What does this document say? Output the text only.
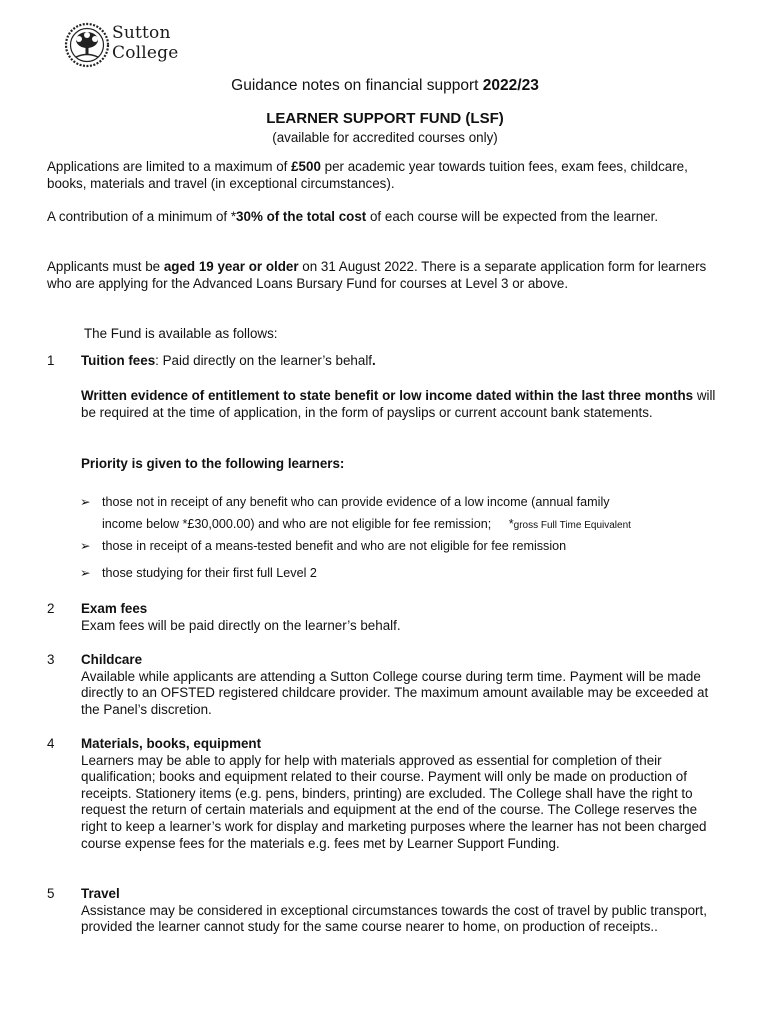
Sutton
College
Guidance notes on financial support 2022/23
LEARNER SUPPORT FUND (LSF)
(available for accredited courses only)
Applications are limited to a maximum of £500 per academic year towards tuition fees, exam fees, childcare, books, materials and travel (in exceptional circumstances).
A contribution of a minimum of *30% of the total cost of each course will be expected from the learner.
Applicants must be aged 19 year or older on 31 August 2022. There is a separate application form for learners who are applying for the Advanced Loans Bursary Fund for courses at Level 3 or above.
The Fund is available as follows:
1 Tuition fees: Paid directly on the learner’s behalf.
Written evidence of entitlement to state benefit or low income dated within the last three months will be required at the time of application, in the form of payslips or current account bank statements.
Priority is given to the following learners:
➢ those not in receipt of any benefit who can provide evidence of a low income (annual family
income below *£30,000.00) and who are not eligible for fee remission; *gross Full Time Equivalent
➢ those in receipt of a means-tested benefit and who are not eligible for fee remission
➢ those studying for their first full Level 2
2 Exam fees
Exam fees will be paid directly on the learner’s behalf.
3 Childcare
Available while applicants are attending a Sutton College course during term time. Payment will be made directly to an OFSTED registered childcare provider. The maximum amount available may be exceeded at the Panel’s discretion.
4 Materials, books, equipment
Learners may be able to apply for help with materials approved as essential for completion of their qualification; books and equipment related to their course. Payment will only be made on production of receipts. Stationery items (e.g. pens, binders, printing) are excluded. The College shall have the right to request the return of certain materials and equipment at the end of the course. The College reserves the right to keep a learner’s work for display and marketing purposes where the learner has not been charged course expense fees for the materials e.g. fees met by Learner Support Funding.
5 Travel
Assistance may be considered in exceptional circumstances towards the cost of travel by public transport, provided the learner cannot study for the same course nearer to home, on production of receipts..
